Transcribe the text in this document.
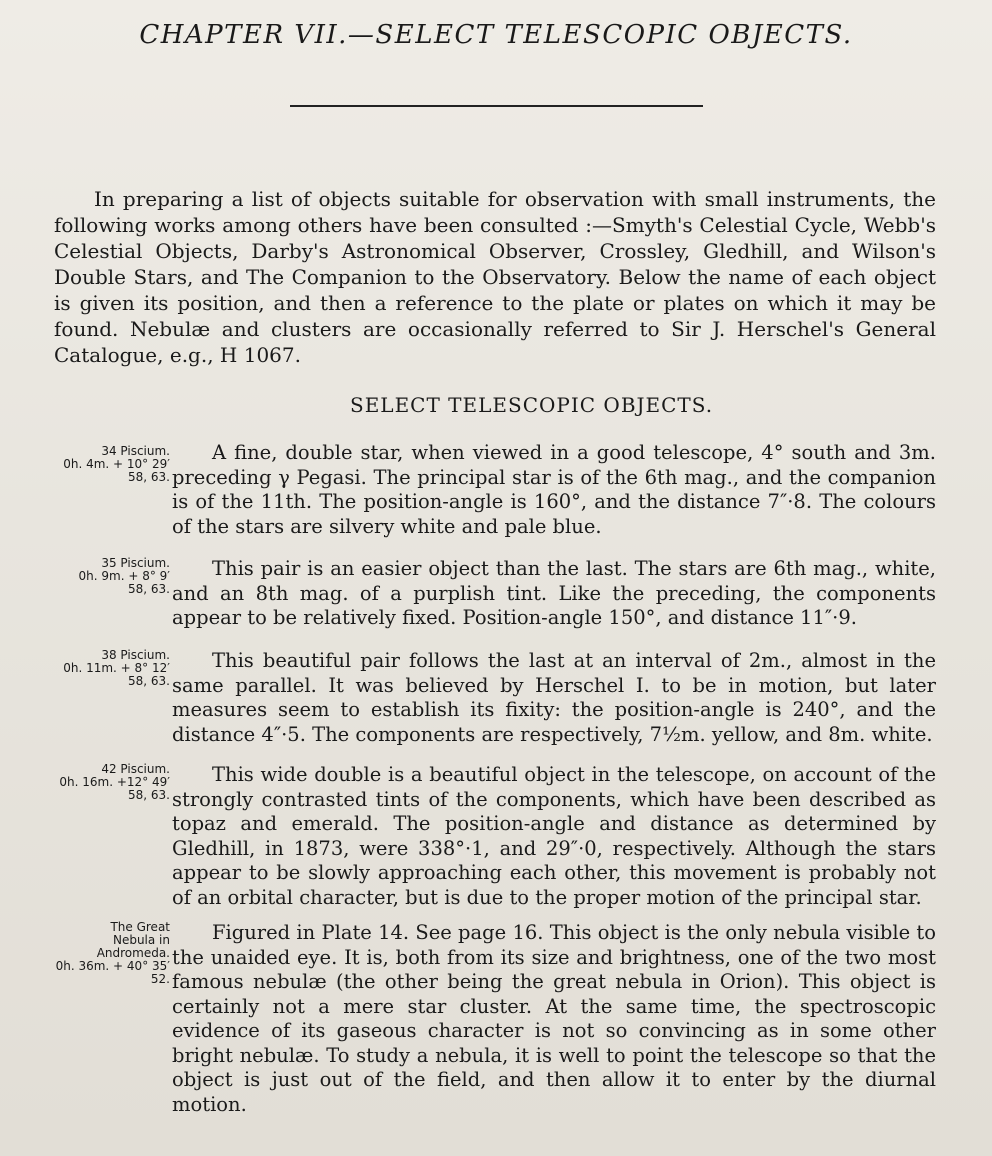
CHAPTER VII.—SELECT TELESCOPIC OBJECTS.

In preparing a list of objects suitable for observation with small instruments, the following works among others have been consulted :—Smyth's Celestial Cycle, Webb's Celestial Objects, Darby's Astronomical Observer, Crossley, Gledhill, and Wilson's Double Stars, and The Companion to the Observatory. Below the name of each object is given its position, and then a reference to the plate or plates on which it may be found. Nebulæ and clusters are occasionally referred to Sir J. Herschel's General Catalogue, e.g., H 1067.

SELECT TELESCOPIC OBJECTS.
34 Piscium.
0h. 4m. + 10° 29′
58, 63.

A fine, double star, when viewed in a good telescope, 4° south and 3m. preceding γ Pegasi. The principal star is of the 6th mag., and the companion is of the 11th. The position-angle is 160°, and the distance 7″·8. The colours of the stars are silvery white and pale blue.

35 Piscium.
0h. 9m. + 8° 9′
58, 63.

This pair is an easier object than the last. The stars are 6th mag., white, and an 8th mag. of a purplish tint. Like the preceding, the components appear to be relatively fixed. Position-angle 150°, and distance 11″·9.

38 Piscium.
0h. 11m. + 8° 12′
58, 63.

This beautiful pair follows the last at an interval of 2m., almost in the same parallel. It was believed by Herschel I. to be in motion, but later measures seem to establish its fixity: the position-angle is 240°, and the distance 4″·5. The components are respectively, 7½m. yellow, and 8m. white.

42 Piscium.
0h. 16m. +12° 49′
58, 63.

This wide double is a beautiful object in the telescope, on account of the strongly contrasted tints of the components, which have been described as topaz and emerald. The position-angle and distance as determined by Gledhill, in 1873, were 338°·1, and 29″·0, respectively. Although the stars appear to be slowly approaching each other, this movement is probably not of an orbital character, but is due to the proper motion of the principal star.

The Great
Nebula in
Andromeda.
0h. 36m. + 40° 35′
52.

Figured in Plate 14. See page 16. This object is the only nebula visible to the unaided eye. It is, both from its size and brightness, one of the two most famous nebulæ (the other being the great nebula in Orion). This object is certainly not a mere star cluster. At the same time, the spectroscopic evidence of its gaseous character is not so convincing as in some other bright nebulæ. To study a nebula, it is well to point the telescope so that the object is just out of the field, and then allow it to enter by the diurnal motion.
